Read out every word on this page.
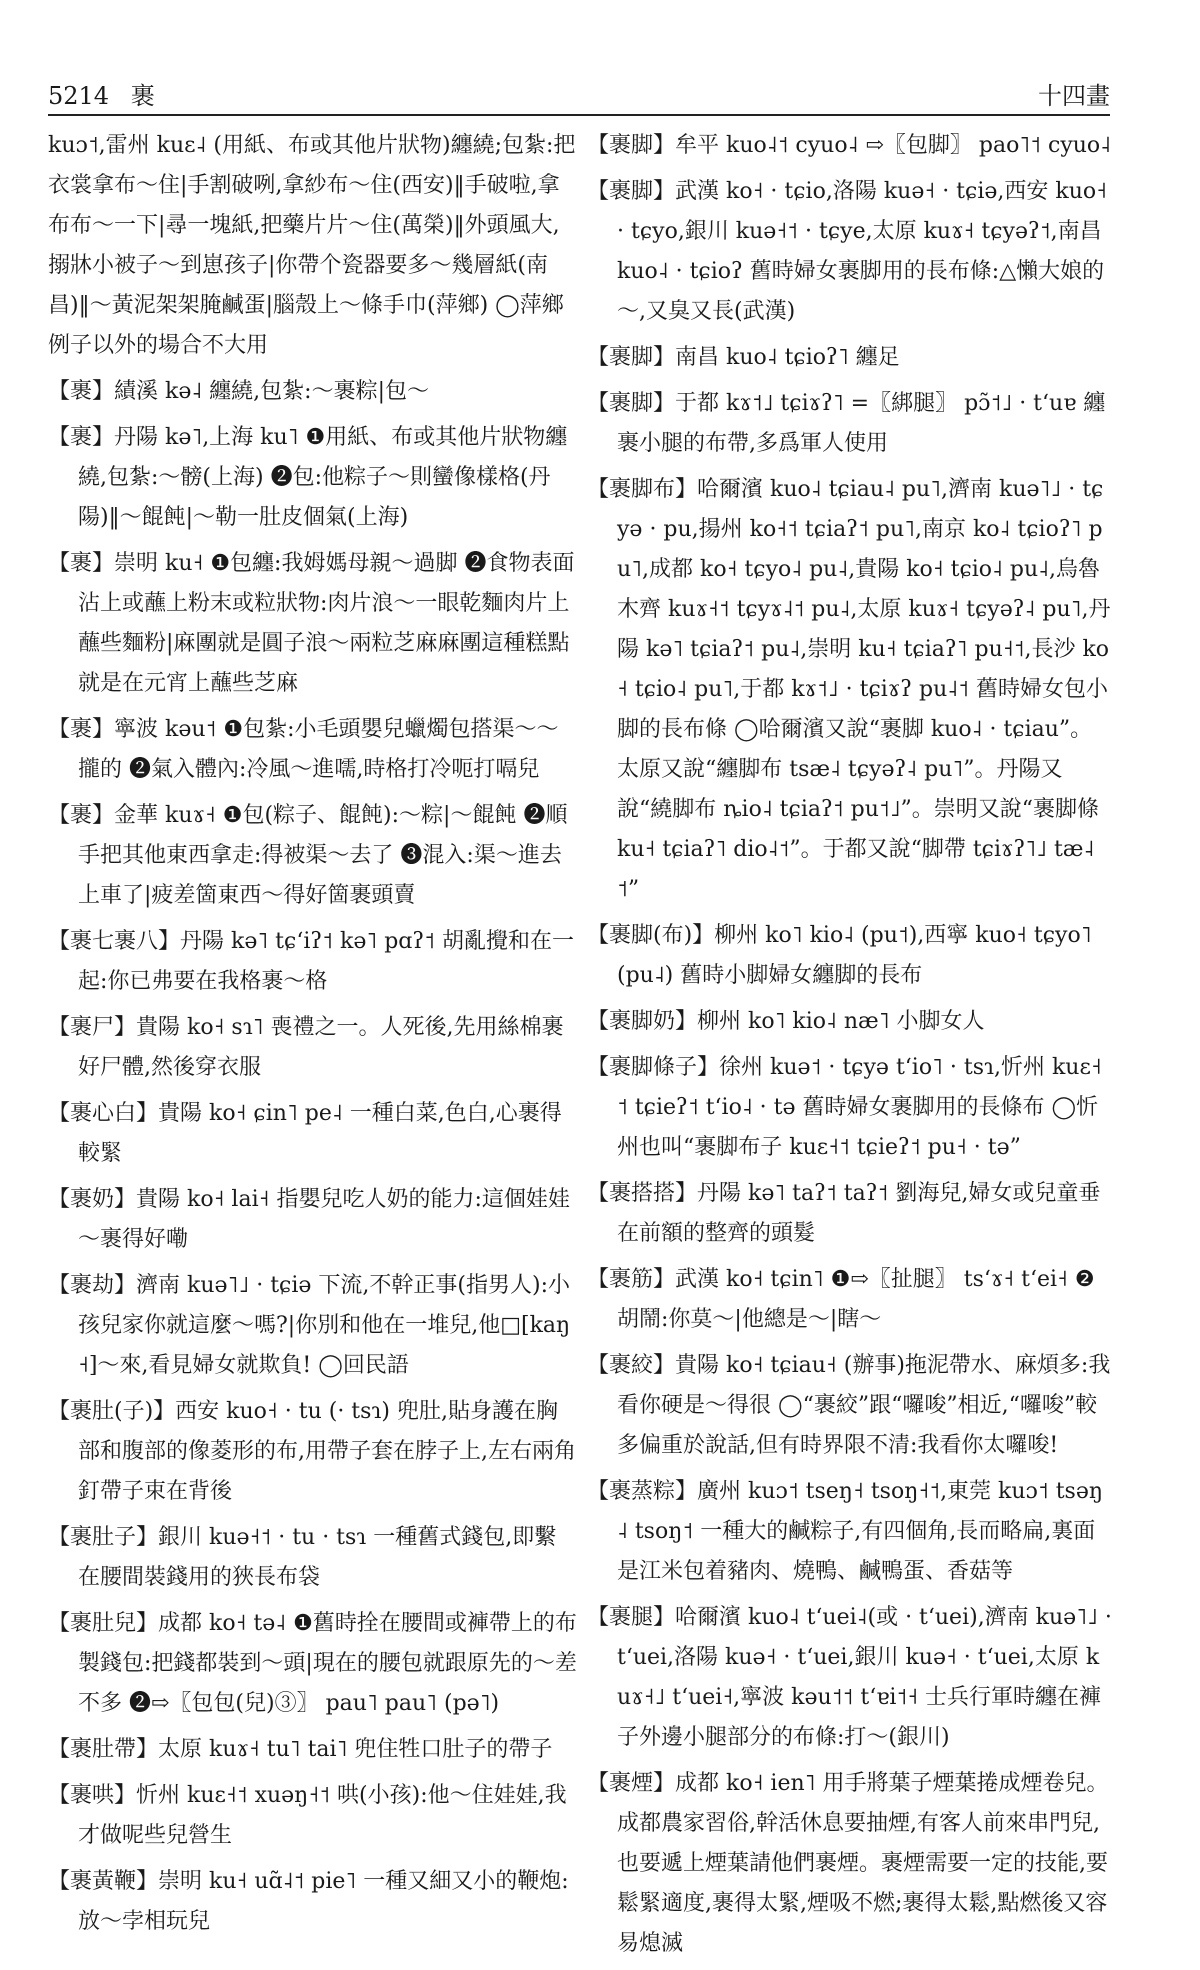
5214 裹	十四畫

kuɔ˦,雷州 kuɛ˨ (用紙、布或其他片狀物)纏繞;包紮:把衣裳拿布～住|手割破咧,拿紗布～住(西安)‖手破啦,拿布布～一下|尋一塊紙,把藥片片～住(萬榮)‖外頭風大,搦牀小被子～到崽孩子|你帶个瓷器要多～幾層紙(南昌)‖～黃泥架架腌鹹蛋|腦殼上～條手巾(萍鄉) ◯萍鄉例子以外的場合不大用

【裹】績溪 kə˨ 纏繞,包紮:～裹粽|包～

【裹】丹陽 kə˥,上海 ku˥ ❶用紙、布或其他片狀物纏繞,包紮:～髈(上海) ❷包:他粽子～則蠻像樣格(丹陽)‖～餛飩|～勒一肚皮個氣(上海)

【裹】崇明 ku˧ ❶包纏:我姆媽母親～過脚 ❷食物表面沾上或蘸上粉末或粒狀物:肉片浪～一眼乾麵肉片上蘸些麵粉|麻團就是圓子浪～兩粒芝麻麻團這種糕點就是在元宵上蘸些芝麻

【裹】寧波 kəu˦ ❶包紮:小毛頭嬰兒蠟燭包搭渠～～攏的 ❷氣入體內:冷風～進嚅,時格打冷呃打嗝兒

【裹】金華 kuɤ˧ ❶包(粽子、餛飩):～粽|～餛飩 ❷順手把其他東西拿走:得被渠～去了 ❸混入:渠～進去上車了|疲差箇東西～得好箇裹頭賣

【裹七裹八】丹陽 kə˥ tɕʻiʔ˦ kə˥ pɑʔ˦ 胡亂攪和在一起:你已弗要在我格裹～格

【裹尸】貴陽 ko˧ sɿ˥ 喪禮之一。人死後,先用絲棉裹好尸體,然後穿衣服

【裹心白】貴陽 ko˧ ɕin˥ pe˨ 一種白菜,色白,心裹得較緊

【裹奶】貴陽 ko˧ lai˧ 指嬰兒吃人奶的能力:這個娃娃～裹得好嘞

【裹劫】濟南 kuə˥˩ · tɕiə 下流,不幹正事(指男人):小孩兒家你就這麼～嗎?|你別和他在一堆兒,他□[kaŋ˧]～來,看見婦女就欺負! ◯回民語

【裹肚(子)】西安 kuo˧ · tu (· tsɿ) 兜肚,貼身護在胸部和腹部的像菱形的布,用帶子套在脖子上,左右兩角釘帶子束在背後

【裹肚子】銀川 kuə˧˦ · tu · tsɿ 一種舊式錢包,即繫在腰間裝錢用的狹長布袋

【裹肚兒】成都 ko˧ tə˨ ❶舊時拴在腰間或褲帶上的布製錢包:把錢都裝到～頭|現在的腰包就跟原先的～差不多 ❷⇨〖包包(兒)③〗 pau˥ pau˥ (pə˥)

【裹肚帶】太原 kuɤ˧ tu˥ tai˥ 兜住牲口肚子的帶子

【裹哄】忻州 kuɛ˧˦ xuəŋ˧˦ 哄(小孩):他～住娃娃,我才做呢些兒營生

【裹黃鞭】崇明 ku˧ uɑ̃˨˦ pie˥ 一種又細又小的鞭炮:放～孛相玩兒

【裹脚】牟平 kuo˨˦ cyuo˨ ⇨〖包脚〗 pao˥˦ cyuo˨

【裹脚】武漢 ko˧ · tɕio,洛陽 kuə˧ · tɕiə,西安 kuo˧ · tɕyo,銀川 kuə˧˦ · tɕye,太原 kuɤ˧ tɕyəʔ˦,南昌 kuo˨ · tɕioʔ 舊時婦女裹脚用的長布條:△懶大娘的～,又臭又長(武漢)

【裹脚】南昌 kuo˨ tɕioʔ˥ 纏足

【裹脚】于都 kɤ˦˩ tɕiɤʔ˥ =〖綁腿〗 pɔ̃˦˩ · tʻuɐ 纏裹小腿的布帶,多爲軍人使用

【裹脚布】哈爾濱 kuo˨ tɕiau˨ pu˥,濟南 kuə˥˩ · tɕyə · pu,揚州 ko˧˦ tɕiaʔ˦ pu˥,南京 ko˨ tɕioʔ˥ pu˥,成都 ko˧ tɕyo˨ pu˨,貴陽 ko˧ tɕio˨ pu˨,烏魯木齊 kuɤ˧˦ tɕyɤ˨˦ pu˨,太原 kuɤ˧ tɕyəʔ˨ pu˥,丹陽 kə˥ tɕiaʔ˦ pu˨,崇明 ku˧ tɕiaʔ˥ pu˧˦,長沙 ko˧ tɕio˨ pu˥,于都 kɤ˦˩ · tɕiɤʔ pu˨˦ 舊時婦女包小脚的長布條 ◯哈爾濱又說“裹脚 kuo˨ · tɕiau”。太原又說“纏脚布 tsæ˨ tɕyəʔ˨ pu˥”。丹陽又說“繞脚布 ȵio˨ tɕiaʔ˦ pu˦˩”。崇明又說“裹脚條 ku˧ tɕiaʔ˥ dio˨˦”。于都又說“脚帶 tɕiɤʔ˥˩ tæ˨˦”

【裹脚(布)】柳州 ko˥ kio˨ (pu˦),西寧 kuo˧ tɕyo˥ (pu˨) 舊時小脚婦女纏脚的長布

【裹脚奶】柳州 ko˥ kio˨ næ˥ 小脚女人

【裹脚條子】徐州 kuə˦ · tɕyə tʻio˥ · tsɿ,忻州 kuɛ˧˦ tɕieʔ˦ tʻio˨ · tə 舊時婦女裹脚用的長條布 ◯忻州也叫“裹脚布子 kuɛ˧˦ tɕieʔ˦ pu˧ · tə”

【裹搭搭】丹陽 kə˥ taʔ˦ taʔ˦ 劉海兒,婦女或兒童垂在前額的整齊的頭髮

【裹筋】武漢 ko˧ tɕin˥ ❶⇨〖扯腿〗 tsʻɤ˧ tʻei˧ ❷胡鬧:你莫～|他總是～|瞎～

【裹絞】貴陽 ko˧ tɕiau˧ (辦事)拖泥帶水、麻煩多:我看你硬是～得很 ◯“裹絞”跟“囉唆”相近,“囉唆”較多偏重於說話,但有時界限不清:我看你太囉唆!

【裹蒸粽】廣州 kuɔ˦ tseŋ˧ tsoŋ˧˦,東莞 kuɔ˦ tsəŋ˨ tsoŋ˦ 一種大的鹹粽子,有四個角,長而略扁,裏面是江米包着豬肉、燒鴨、鹹鴨蛋、香菇等

【裹腿】哈爾濱 kuo˨ tʻuei˨(或 · tʻuei),濟南 kuə˥˩ · tʻuei,洛陽 kuə˧ · tʻuei,銀川 kuə˧ · tʻuei,太原 kuɤ˧˩ tʻuei˧,寧波 kəu˦˦ tʻɐi˦˧ 士兵行軍時纏在褲子外邊小腿部分的布條:打～(銀川)

【裹煙】成都 ko˧ ien˥ 用手將葉子煙葉捲成煙卷兒。成都農家習俗,幹活休息要抽煙,有客人前來串門兒,也要遞上煙葉請他們裹煙。裹煙需要一定的技能,要鬆緊適度,裹得太緊,煙吸不燃;裹得太鬆,點燃後又容易熄滅
